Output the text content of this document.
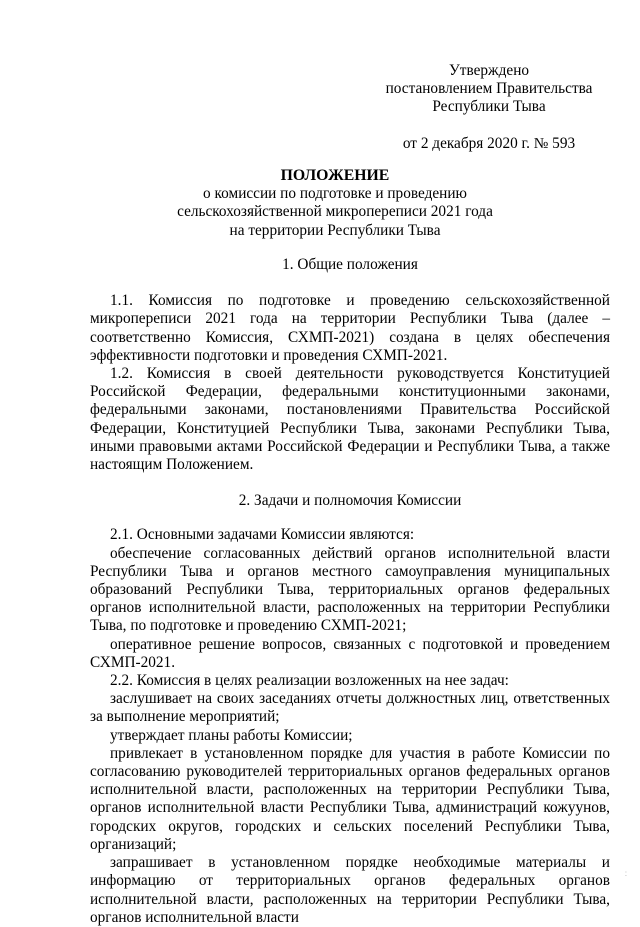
Утверждено
постановлением Правительства
Республики Тыва
от 2 декабря 2020 г. № 593
ПОЛОЖЕНИЕ
о комиссии по подготовке и проведению
сельскохозяйственной микропереписи 2021 года
на территории Республики Тыва
1. Общие положения

1.1. Комиссия по подготовке и проведению сельскохозяйственной микропереписи 2021 года на территории Республики Тыва (далее – соответственно Комиссия, СХМП-2021) создана в целях обеспечения эффективности подготовки и проведения СХМП-2021.

1.2. Комиссия в своей деятельности руководствуется Конституцией Российской Федерации, федеральными конституционными законами, федеральными законами, постановлениями Правительства Российской Федерации, Конституцией Республики Тыва, законами Республики Тыва, иными правовыми актами Российской Федерации и Республики Тыва, а также настоящим Положением.

2. Задачи и полномочия Комиссии

2.1. Основными задачами Комиссии являются:

обеспечение согласованных действий органов исполнительной власти Республики Тыва и органов местного самоуправления муниципальных образований Республики Тыва, территориальных органов федеральных органов исполнительной власти, расположенных на территории Республики Тыва, по подготовке и проведению СХМП-2021;

оперативное решение вопросов, связанных с подготовкой и проведением СХМП-2021.

2.2. Комиссия в целях реализации возложенных на нее задач:

заслушивает на своих заседаниях отчеты должностных лиц, ответственных за выполнение мероприятий;

утверждает планы работы Комиссии;

привлекает в установленном порядке для участия в работе Комиссии по согласованию руководителей территориальных органов федеральных органов исполнительной власти, расположенных на территории Республики Тыва, органов исполнительной власти Республики Тыва, администраций кожуунов, городских округов, городских и сельских поселений Республики Тыва, организаций;

запрашивает в установленном порядке необходимые материалы и информацию от территориальных органов федеральных органов исполнительной власти, расположенных на территории Республики Тыва, органов исполнительной власти

⁚
